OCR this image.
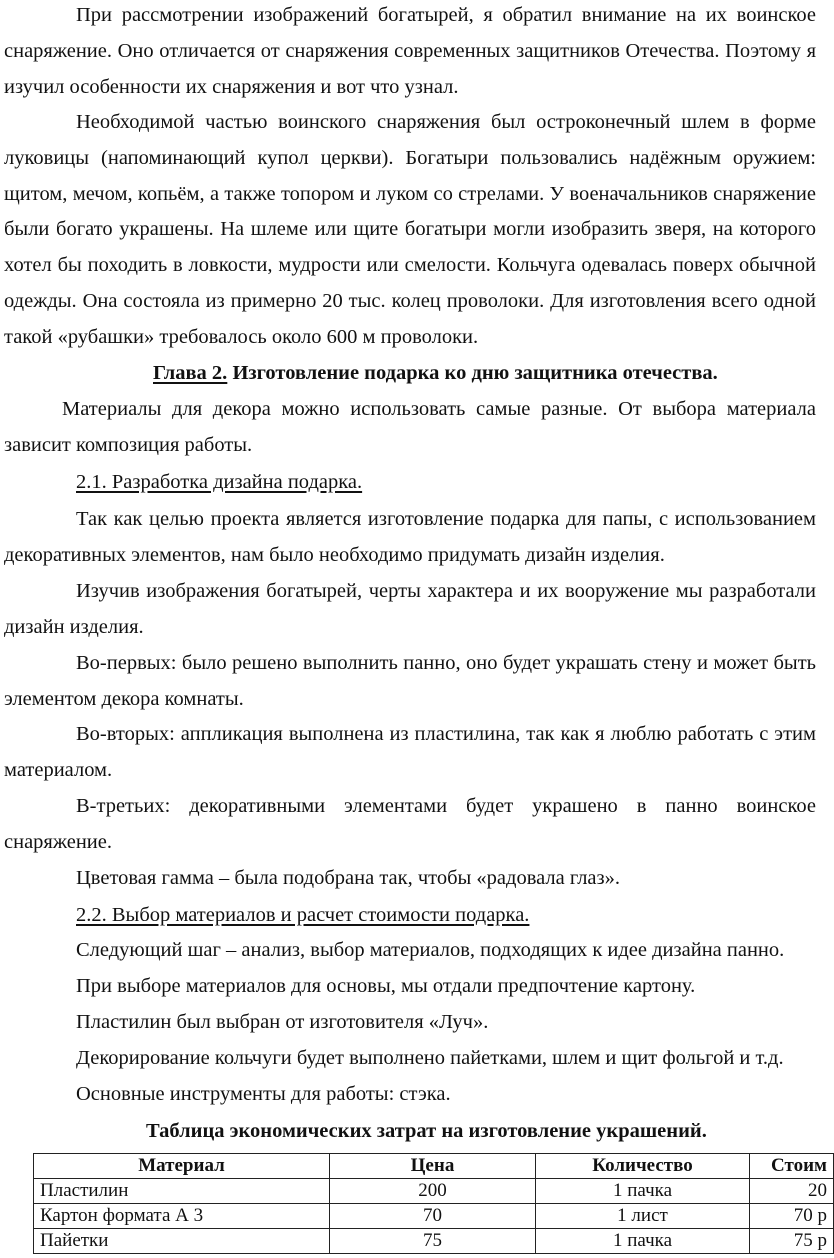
При рассмотрении изображений богатырей, я обратил внимание на их воинское снаряжение. Оно отличается от снаряжения современных защитников Отечества. Поэтому я изучил особенности их снаряжения и вот что узнал.

Необходимой частью воинского снаряжения был остроконечный шлем в форме луковицы (напоминающий купол церкви). Богатыри пользовались надёжным оружием: щитом, мечом, копьём, а также топором и луком со стрелами. У военачальников снаряжение были богато украшены. На шлеме или щите богатыри могли изобразить зверя, на которого хотел бы походить в ловкости, мудрости или смелости. Кольчуга одевалась поверх обычной одежды. Она состояла из примерно 20 тыс. колец проволоки. Для изготовления всего одной такой «рубашки» требовалось около 600 м проволоки.

Глава 2. Изготовление подарка ко дню защитника отечества.

Материалы для декора можно использовать самые разные. От выбора материала зависит композиция работы.

2.1. Разработка дизайна подарка.

Так как целью проекта является изготовление подарка для папы, с использованием декоративных элементов, нам было необходимо придумать дизайн изделия.

Изучив изображения богатырей, черты характера и их вооружение мы разработали дизайн изделия.

Во-первых: было решено выполнить панно, оно будет украшать стену и может быть элементом декора комнаты.

Во-вторых: аппликация выполнена из пластилина, так как я люблю работать с этим материалом.

В-третьих: декоративными элементами будет украшено в панно воинское снаряжение.

Цветовая гамма – была подобрана так, чтобы «радовала глаз».
2.2. Выбор материалов и расчет стоимости подарка.
Следующий шаг – анализ, выбор материалов, подходящих к идее дизайна панно.
При выборе материалов для основы, мы отдали предпочтение картону.
Пластилин был выбран от изготовителя «Луч».
Декорирование кольчуги будет выполнено пайетками, шлем и щит фольгой и т.д.
Основные инструменты для работы: стэка.
Таблица экономических затрат на изготовление украшений.
Материал	Цена	Количество	Стоим
Пластилин	200	1 пачка	20
Картон формата А 3	70	1 лист	70 р
Пайетки	75	1 пачка	75 р
